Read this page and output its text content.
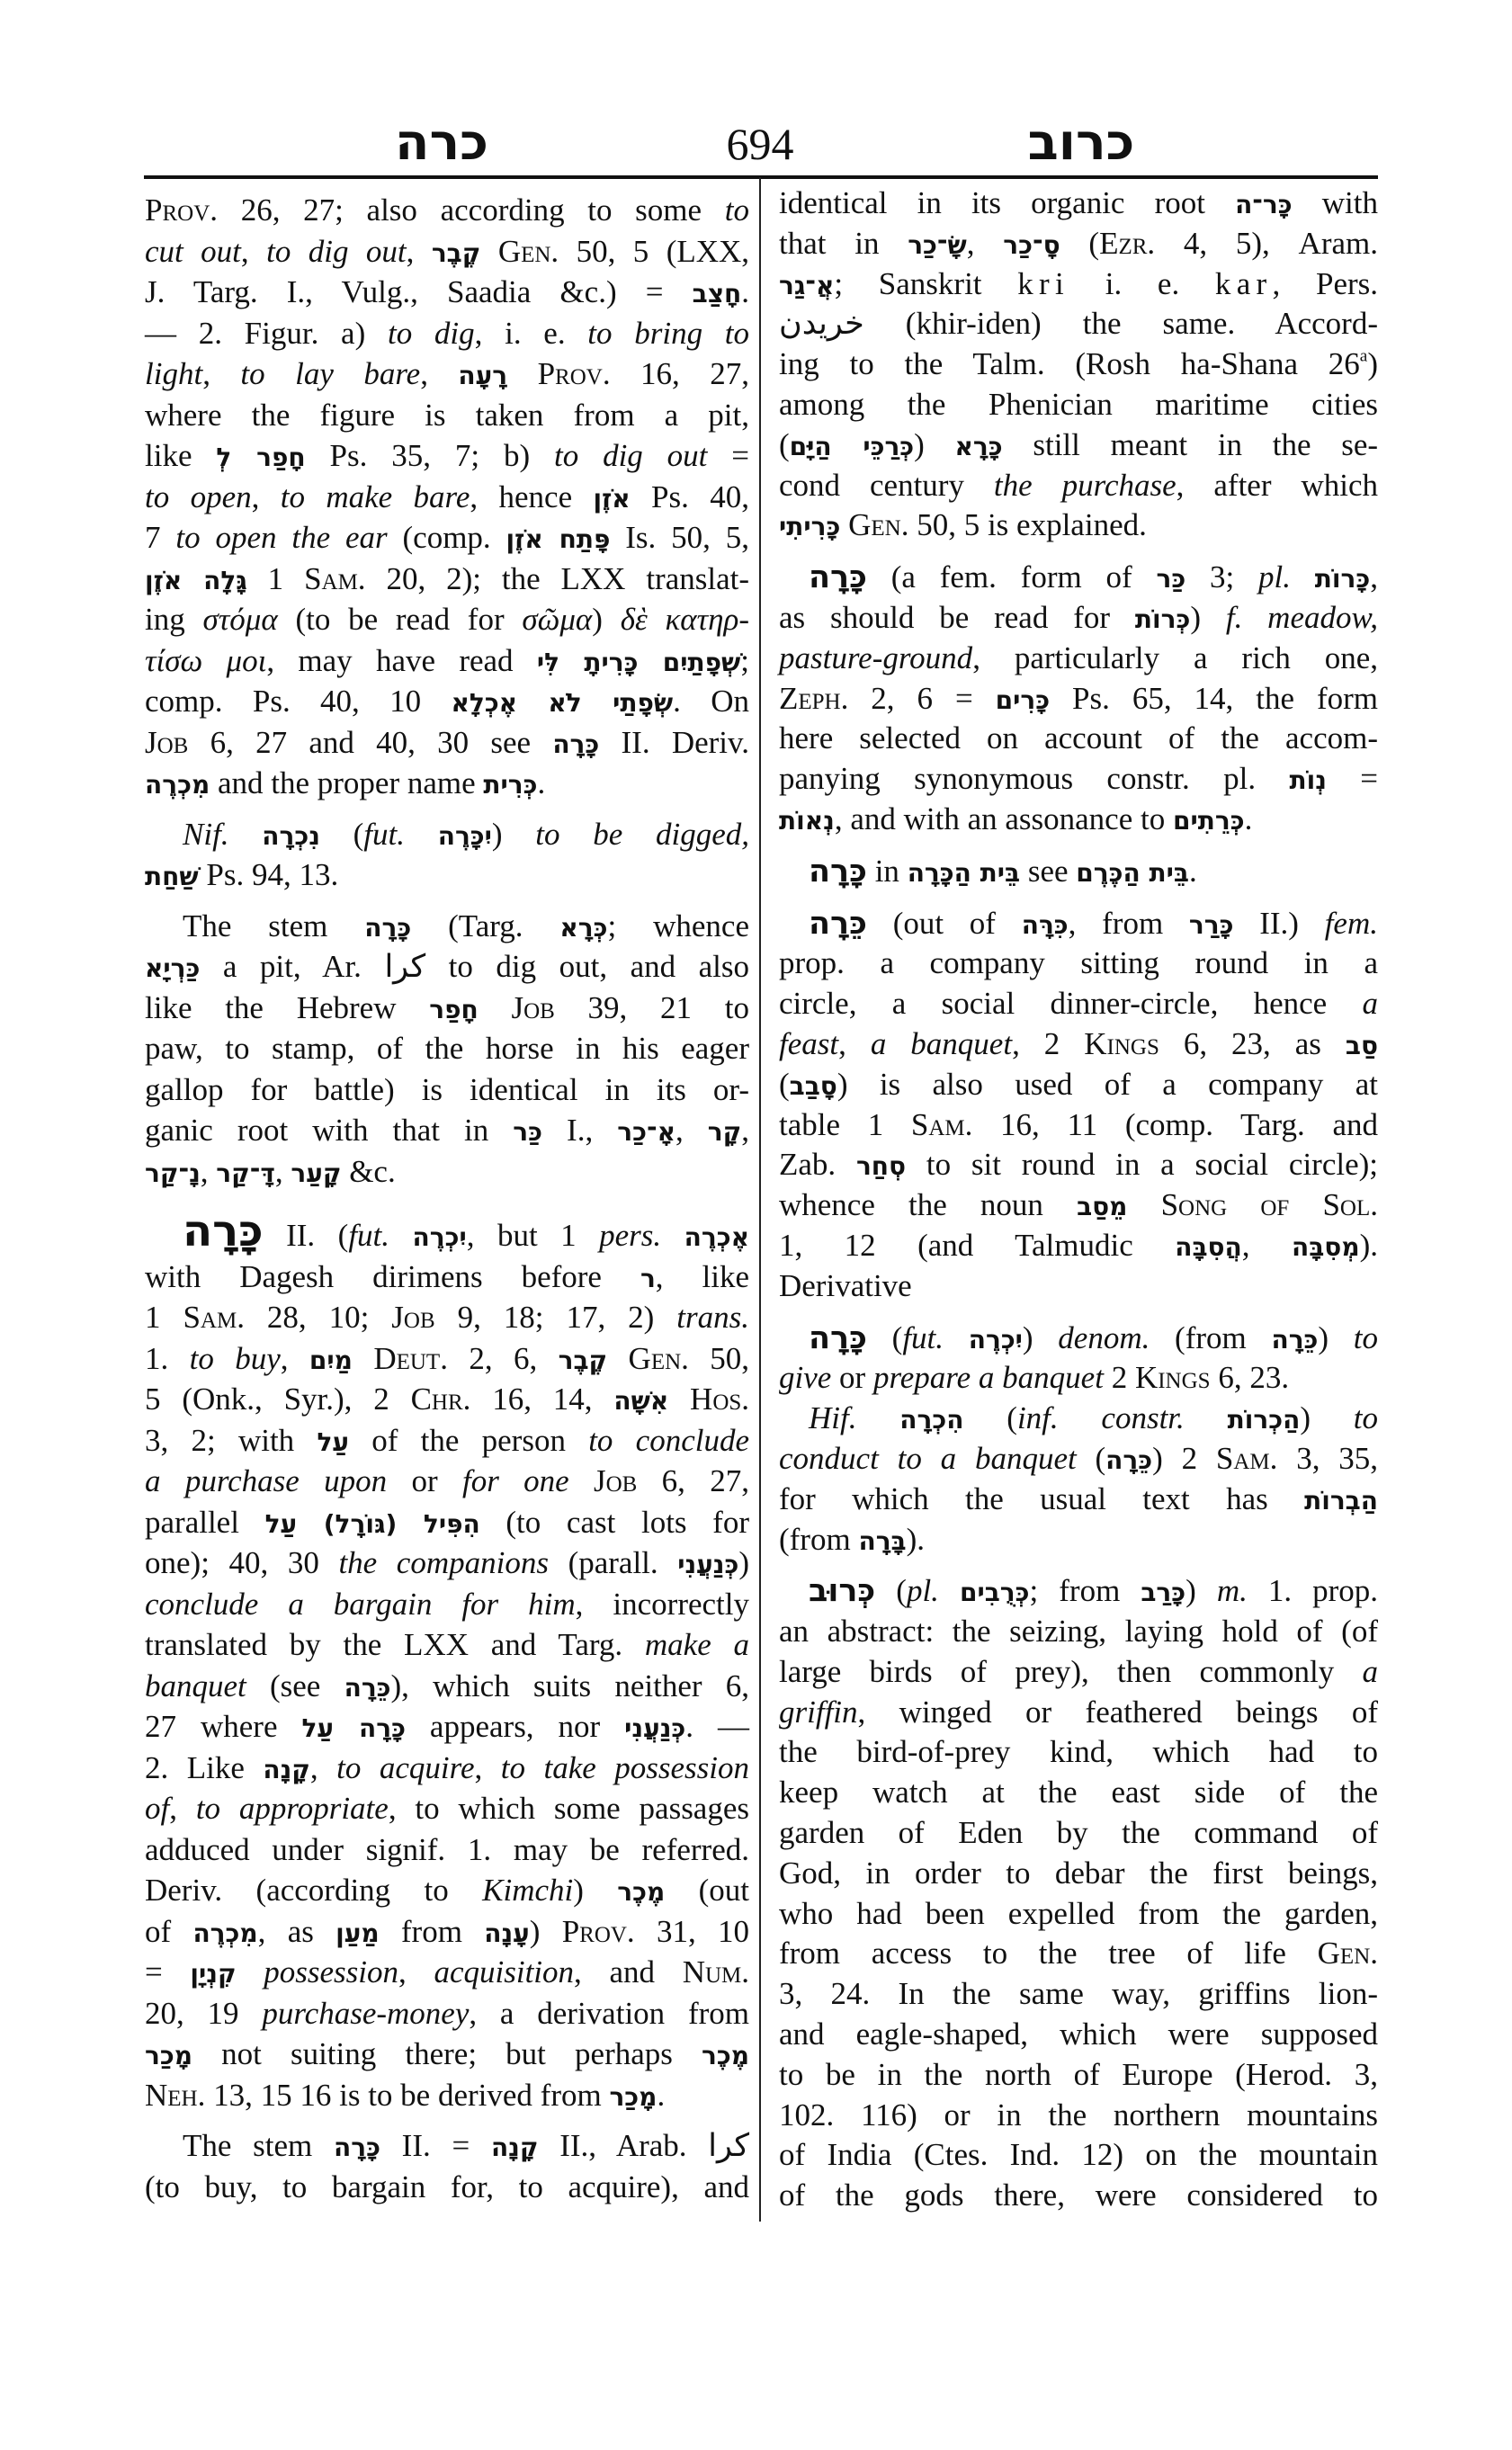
כרה	694	כרוב
Prov. 26, 27; also according to some to
cut out, to dig out, קֶבֶר Gen. 50, 5 (LXX,
J. Targ. I., Vulg., Saadia &c.) = חָצַב.
— 2. Figur. a) to dig, i. e. to bring to
light, to lay bare, רָעָה Prov. 16, 27,
where the figure is taken from a pit,
like חָפַר לְ Ps. 35, 7; b) to dig out =
to open, to make bare, hence אֹזֶן Ps. 40,
7 to open the ear (comp. פָּתַח אֹזֶן Is. 50, 5,
גָּלָה אֹזֶן 1 Sam. 20, 2); the LXX translat-
ing στόμα (to be read for σῶμα) δὲ κατηρ-
τίσω μοι, may have read שְׁפָתַיִם כָּרִיתָ לִּי;
comp. Ps. 40, 10 שְׂפָתַי לֹא אֶכְלָא. On
Job 6, 27 and 40, 30 see כָּרָה II. Deriv.
מִכְרֶה and the proper name כְּרִית.
Nif. נִכְרָה (fut. יִכָּרֶה) to be digged,
שַׁחַת Ps. 94, 13.
The stem כָּרָה (Targ. כְּרָא; whence
כַּרְיָא a pit, Ar. كرا to dig out, and also
like the Hebrew חָפַר Job 39, 21 to
paw, to stamp, of the horse in his eager
gallop for battle) is identical in its or-
ganic root with that in כַּר I., אָ־כַר, קָר,
נָ־קַר, דָּ־קַר, קָעַר &c.
כָּרָה II. (fut. יִכְרֶה, but 1 pers. אֶכְרֶה
with Dagesh dirimens before ר, like
1 Sam. 28, 10; Job 9, 18; 17, 2) trans.
1. to buy, מַיִם Deut. 2, 6, קֶבֶר Gen. 50,
5 (Onk., Syr.), 2 Chr. 16, 14, אִשָּׁה Hos.
3, 2; with עַל of the person to conclude
a purchase upon or for one Job 6, 27,
parallel הִפִּיל (גּוֹרָל) עַל (to cast lots for
one); 40, 30 the companions (parall. כְּנַעֲנִי)
conclude a bargain for him, incorrectly
translated by the LXX and Targ. make a
banquet (see כֵּרָה), which suits neither 6,
27 where כָּרָה עַל appears, nor כְּנַעֲנִי. —
2. Like קָנָה, to acquire, to take possession
of, to appropriate, to which some passages
adduced under signif. 1. may be referred.
Deriv. (according to Kimchi) מֶכֶר (out
of מִכְרֶה, as מַעַן from עָנָה) Prov. 31, 10
= קִנְיָן possession, acquisition, and Num.
20, 19 purchase-money, a derivation from
מָכַר not suiting there; but perhaps מֶכֶר
Neh. 13, 15 16 is to be derived from מָכַר.
The stem כָּרָה II. = קָנָה II., Arab. كرا
(to buy, to bargain for, to acquire), and
identical in its organic root כָּר־ה with
that in שָׂ־כַר, סָ־כַר (Ezr. 4, 5), Aram.
אֲ־גַר; Sanskrit kri i. e. kar, Pers.
خريدن (khir-iden) the same. Accord-
ing to the Talm. (Rosh ha-Shana 26$^a$)
among the Phenician maritime cities
(כְּרַכֵּי הַיָּם) כָּרָא still meant in the se-
cond century the purchase, after which
כָּרִיתִי Gen. 50, 5 is explained.
כָּרָה (a fem. form of כַּר 3; pl. כָּרוֹת,
as should be read for כְּרוֹת) f. meadow,
pasture-ground, particularly a rich one,
Zeph. 2, 6 = כָּרִים Ps. 65, 14, the form
here selected on account of the accom-
panying synonymous constr. pl. נְוֹת =
נְאוֹת, and with an assonance to כְּרֵתִים.
כָּרָה in בֵּית הַכָּרָה see בֵּית הַכֶּרֶם.
כֵּרָה (out of כִּרָּה, from כָּרַר II.) fem.
prop. a company sitting round in a
circle, a social dinner-circle, hence a
feast, a banquet, 2 Kings 6, 23, as סַב
(סָבַב) is also used of a company at
table 1 Sam. 16, 11 (comp. Targ. and
Zab. סְחַר to sit round in a social circle);
whence the noun מֵסַב Song of Sol.
1, 12 (and Talmudic הֲסִבָּה, מְסִבָּה).
Derivative
כָּרָה (fut. יִכְרֶה) denom. (from כֵּרָה) to
give or prepare a banquet 2 Kings 6, 23.
Hif. הִכְרָה (inf. constr. הַכְרוֹת) to
conduct to a banquet (כֵּרָה) 2 Sam. 3, 35,
for which the usual text has הַבְרוֹת
(from בָּרָה).
כְּרוּב (pl. כְּרֻבִים; from כָּרַב) m. 1. prop.
an abstract: the seizing, laying hold of (of
large birds of prey), then commonly a
griffin, winged or feathered beings of
the bird-of-prey kind, which had to
keep watch at the east side of the
garden of Eden by the command of
God, in order to debar the first beings,
who had been expelled from the garden,
from access to the tree of life Gen.
3, 24. In the same way, griffins lion-
and eagle-shaped, which were supposed
to be in the north of Europe (Herod. 3,
102. 116) or in the northern mountains
of India (Ctes. Ind. 12) on the mountain
of the gods there, were considered to
